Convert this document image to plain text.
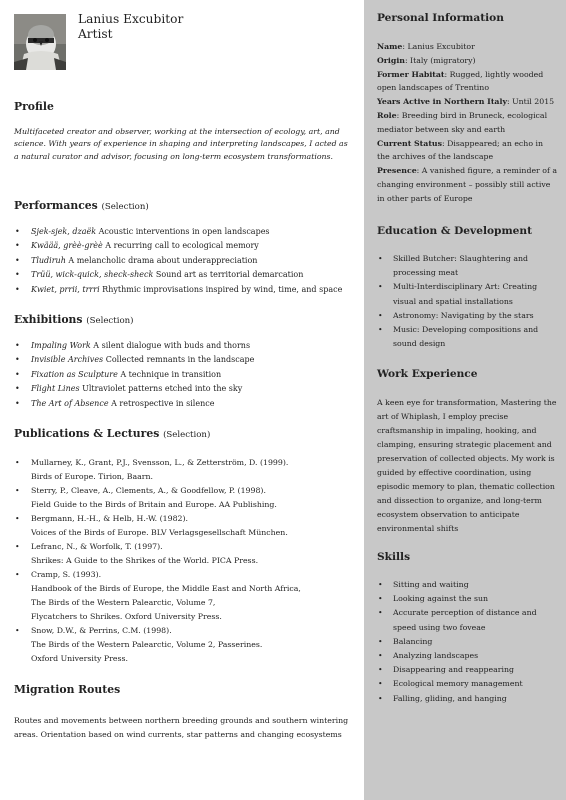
Lanius Excubitor
Artist
Profile

Multifaceted creator and observer, working at the intersection of ecology, art, and science. With years of experience in shaping and interpreting landscapes, I acted as a natural curator and advisor, focusing on long-term ecosystem transformations.

Performances (Selection)
• Sjek-sjek, dzaëk Acoustic interventions in open landscapes
• Kwäää, grèè-grèè A recurring call to ecological memory
• Tludiruh A melancholic drama about underappreciation
• Trüü, wick-quick, sheck-sheck Sound art as territorial demarcation
• Kwiet, prrii, trrri Rhythmic improvisations inspired by wind, time, and space
Exhibitions (Selection)
• Impaling Work A silent dialogue with buds and thorns
• Invisible Archives Collected remnants in the landscape
• Fixation as Sculpture A technique in transition
• Flight Lines Ultraviolet patterns etched into the sky
• The Art of Absence A retrospective in silence
Publications & Lectures (Selection)
• Mullarney, K., Grant, P.J., Svensson, L., & Zetterström, D. (1999).
Birds of Europe. Tirion, Baarn.
• Sterry, P., Cleave, A., Clements, A., & Goodfellow, P. (1998).
Field Guide to the Birds of Britain and Europe. AA Publishing.
• Bergmann, H.-H., & Helb, H.-W. (1982).
Voices of the Birds of Europe. BLV Verlagsgesellschaft München.
• Lefranc, N., & Worfolk, T. (1997).
Shrikes: A Guide to the Shrikes of the World. PICA Press.
• Cramp, S. (1993).
Handbook of the Birds of Europe, the Middle East and North Africa,
The Birds of the Western Palearctic, Volume 7,
Flycatchers to Shrikes. Oxford University Press.
• Snow, D.W., & Perrins, C.M. (1998).
The Birds of the Western Palearctic, Volume 2, Passerines.
Oxford University Press.
Migration Routes

Routes and movements between northern breeding grounds and southern wintering areas. Orientation based on wind currents, star patterns and changing ecosystems

Personal Information

Name: Lanius Excubitor

Origin: Italy (migratory)

Former Habitat: Rugged, lightly wooded open landscapes of Trentino

Years Active in Northern Italy: Until 2015

Role: Breeding bird in Bruneck, ecological mediator between sky and earth

Current Status: Disappeared; an echo in the archives of the landscape

Presence: A vanished figure, a reminder of a changing environment – possibly still active in other parts of Europe

Education & Development
• Skilled Butcher: Slaughtering and processing meat
• Multi-Interdisciplinary Art: Creating visual and spatial installations
• Astronomy: Navigating by the stars
• Music: Developing compositions and sound design
Work Experience

A keen eye for transformation, Mastering the art of Whiplash, I employ precise craftsmanship in impaling, hooking, and clamping, ensuring strategic placement and preservation of collected objects. My work is guided by effective coordination, using episodic memory to plan, thematic collection and dissection to organize, and long-term ecosystem observation to anticipate environmental shifts

Skills
• Sitting and waiting
• Looking against the sun
• Accurate perception of distance and speed using two foveae
• Balancing
• Analyzing landscapes
• Disappearing and reappearing
• Ecological memory management
• Falling, gliding, and hanging
